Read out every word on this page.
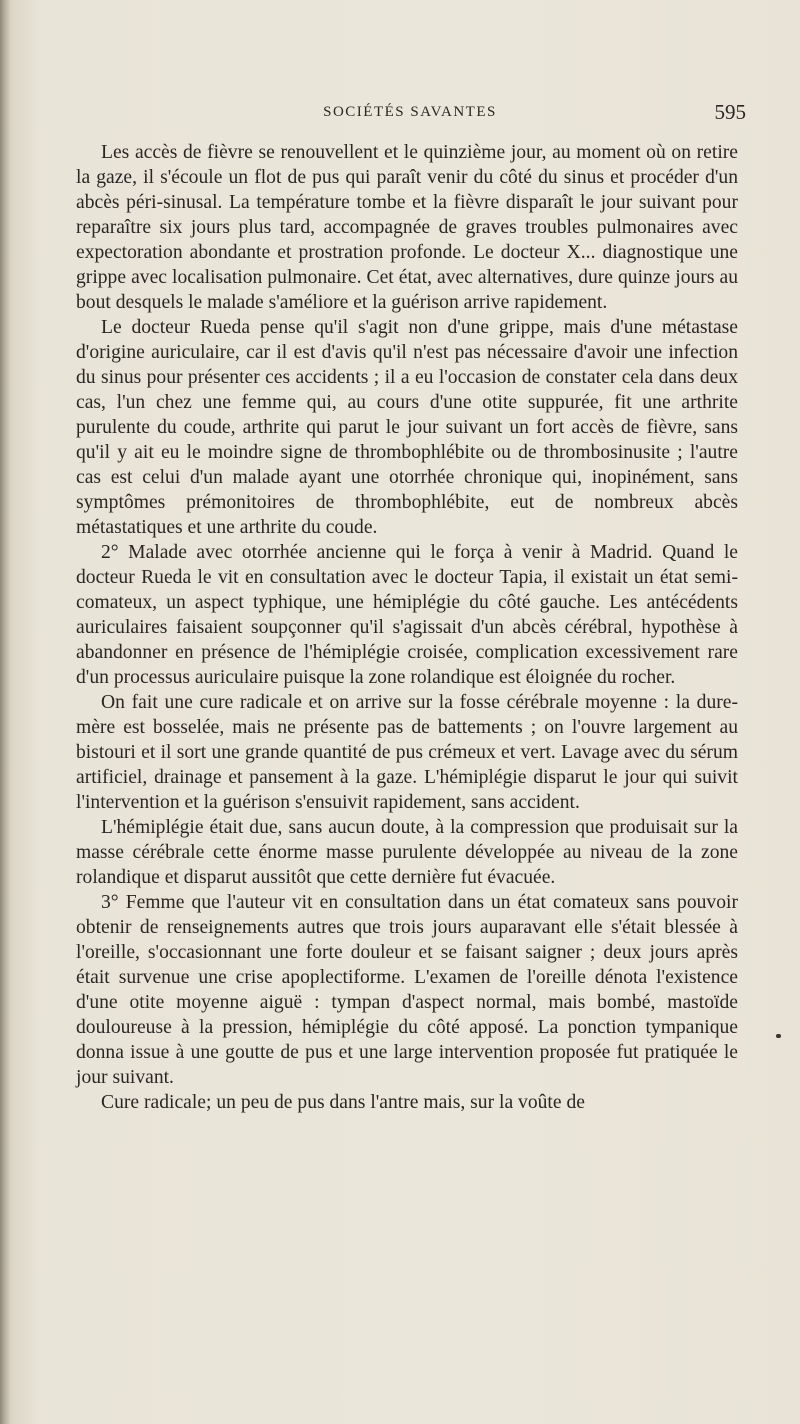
SOCIÉTÉS SAVANTES	595

Les accès de fièvre se renouvellent et le quinzième jour, au moment où on retire la gaze, il s'écoule un flot de pus qui paraît venir du côté du sinus et procéder d'un abcès péri-sinusal. La température tombe et la fièvre disparaît le jour suivant pour reparaître six jours plus tard, accompagnée de graves troubles pulmonaires avec expectoration abondante et prostration profonde. Le docteur X... diagnostique une grippe avec localisation pulmonaire. Cet état, avec alternatives, dure quinze jours au bout desquels le malade s'améliore et la guérison arrive rapidement.

Le docteur Rueda pense qu'il s'agit non d'une grippe, mais d'une métastase d'origine auriculaire, car il est d'avis qu'il n'est pas nécessaire d'avoir une infection du sinus pour présenter ces accidents ; il a eu l'occasion de constater cela dans deux cas, l'un chez une femme qui, au cours d'une otite suppurée, fit une arthrite purulente du coude, arthrite qui parut le jour suivant un fort accès de fièvre, sans qu'il y ait eu le moindre signe de thrombophlébite ou de thrombosinusite ; l'autre cas est celui d'un malade ayant une otorrhée chronique qui, inopinément, sans symptômes prémonitoires de thrombophlébite, eut de nombreux abcès métastatiques et une arthrite du coude.

2° Malade avec otorrhée ancienne qui le força à venir à Madrid. Quand le docteur Rueda le vit en consultation avec le docteur Tapia, il existait un état semi-comateux, un aspect typhique, une hémiplégie du côté gauche. Les antécédents auriculaires faisaient soupçonner qu'il s'agissait d'un abcès cérébral, hypothèse à abandonner en présence de l'hémiplégie croisée, complication excessivement rare d'un processus auriculaire puisque la zone rolandique est éloignée du rocher.

On fait une cure radicale et on arrive sur la fosse cérébrale moyenne : la dure-mère est bosselée, mais ne présente pas de battements ; on l'ouvre largement au bistouri et il sort une grande quantité de pus crémeux et vert. Lavage avec du sérum artificiel, drainage et pansement à la gaze. L'hémiplégie disparut le jour qui suivit l'intervention et la guérison s'ensuivit rapidement, sans accident.

L'hémiplégie était due, sans aucun doute, à la compression que produisait sur la masse cérébrale cette énorme masse purulente développée au niveau de la zone rolandique et disparut aussitôt que cette dernière fut évacuée.

3° Femme que l'auteur vit en consultation dans un état comateux sans pouvoir obtenir de renseignements autres que trois jours auparavant elle s'était blessée à l'oreille, s'occasionnant une forte douleur et se faisant saigner ; deux jours après était survenue une crise apoplectiforme. L'examen de l'oreille dénota l'existence d'une otite moyenne aiguë : tympan d'aspect normal, mais bombé, mastoïde douloureuse à la pression, hémiplégie du côté apposé. La ponction tympanique donna issue à une goutte de pus et une large intervention proposée fut pratiquée le jour suivant.

Cure radicale; un peu de pus dans l'antre mais, sur la voûte de
